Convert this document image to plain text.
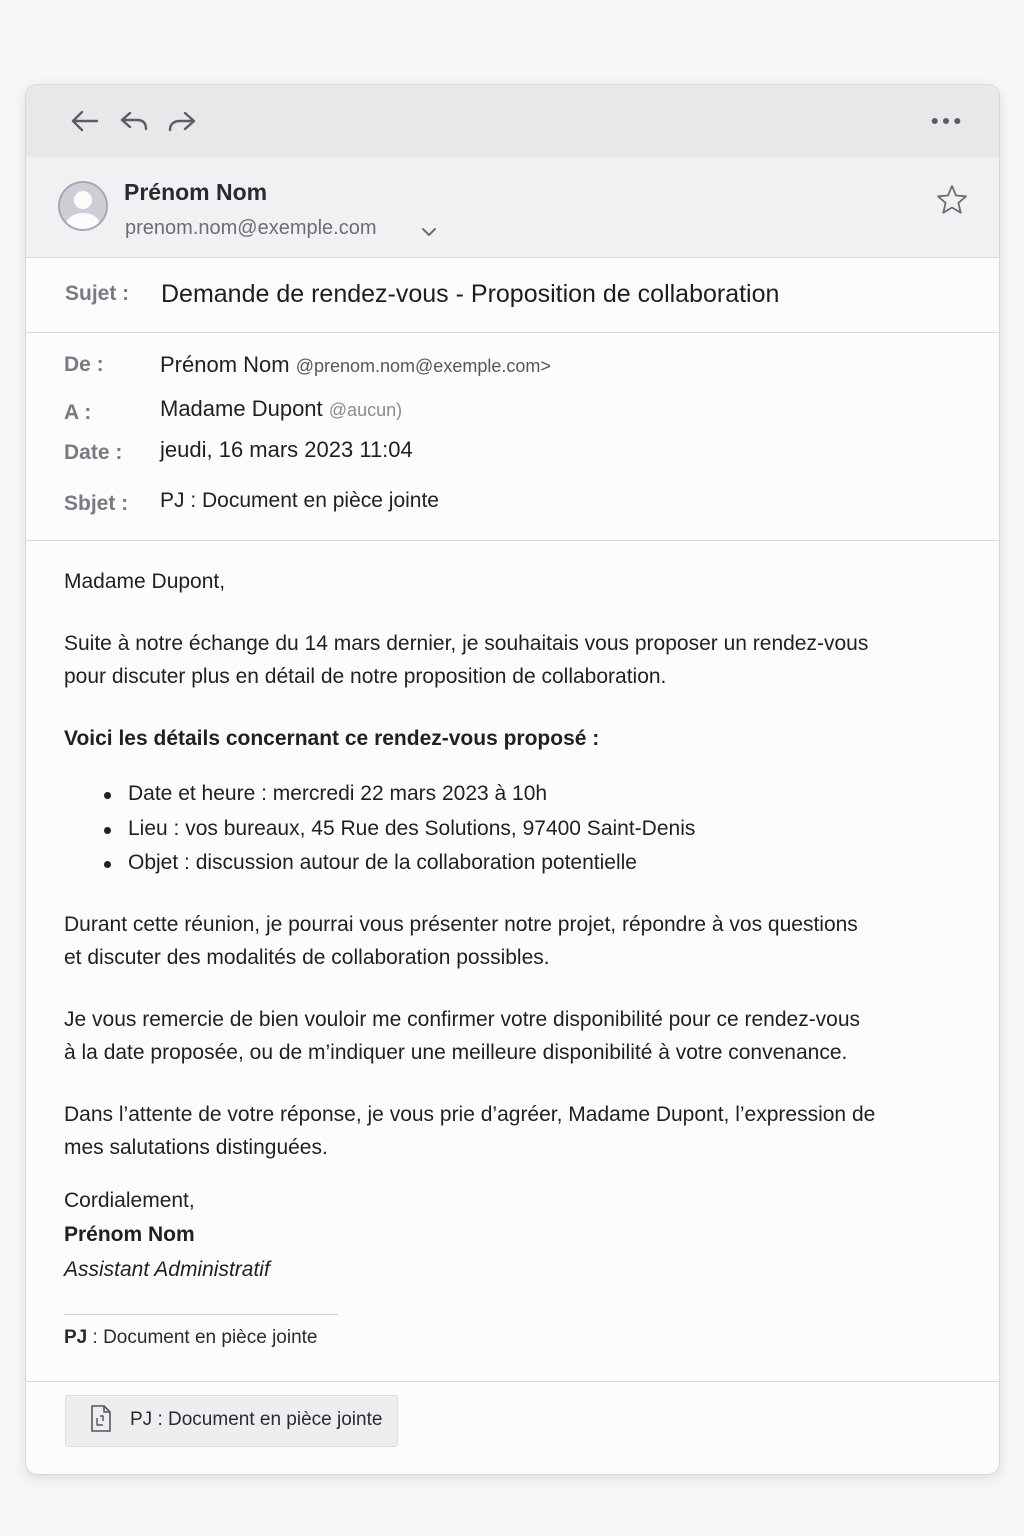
Prénom Nom
prenom.nom@exemple.com
Sujet : Demande de rendez-vous - Proposition de collaboration
De :	Prénom Nom @prenom.nom@exemple.com>
A :	Madame Dupont @aucun)
Date : jeudi, 16 mars 2023 11:04
Sbjet : PJ : Document en pièce jointe

Madame Dupont,

Suite à notre échange du 14 mars dernier, je souhaitais vous proposer un rendez-vous
pour discuter plus en détail de notre proposition de collaboration.

Voici les détails concernant ce rendez-vous proposé :

Date et heure : mercredi 22 mars 2023 à 10h
Lieu : vos bureaux, 45 Rue des Solutions, 97400 Saint-Denis
Objet : discussion autour de la collaboration potentielle

Durant cette réunion, je pourrai vous présenter notre projet, répondre à vos questions
et discuter des modalités de collaboration possibles.

Je vous remercie de bien vouloir me confirmer votre disponibilité pour ce rendez-vous
à la date proposée, ou de m’indiquer une meilleure disponibilité à votre convenance.

Dans l’attente de votre réponse, je vous prie d’agréer, Madame Dupont, l’expression de
mes salutations distinguées.

Cordialement,

Prénom Nom

Assistant Administratif

PJ : Document en pièce jointe
PJ : Document en pièce jointe
